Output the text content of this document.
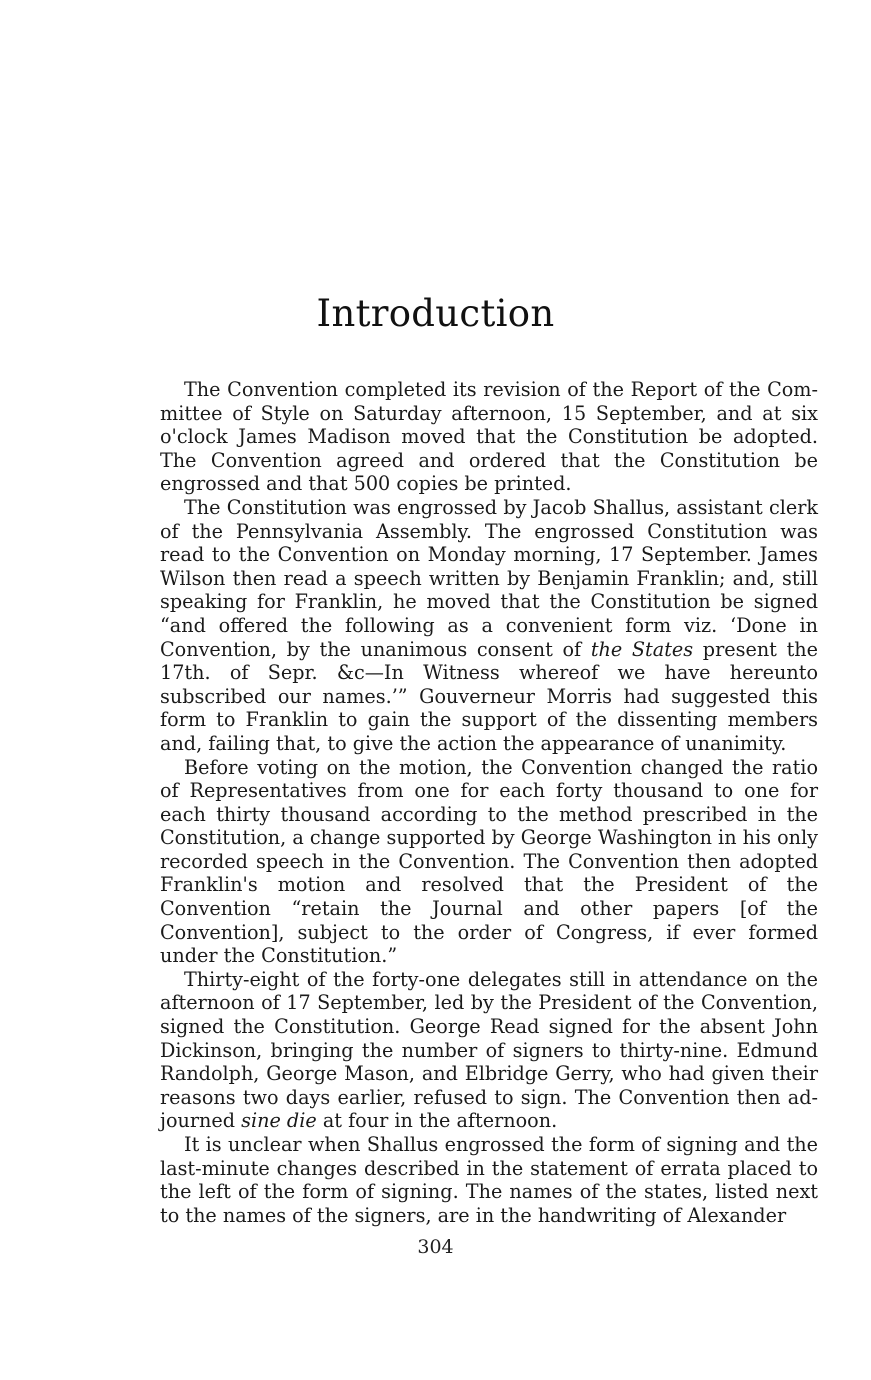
Introduction

The Convention completed its revision of the Report of the Committee of Style on Saturday afternoon, 15 September, and at six o'clock James Madison moved that the Constitution be adopted. The Convention agreed and ordered that the Constitution be engrossed and that 500 copies be printed.

The Constitution was engrossed by Jacob Shallus, assistant clerk of the Pennsylvania Assembly. The engrossed Constitution was read to the Convention on Monday morning, 17 September. James Wilson then read a speech written by Benjamin Franklin; and, still speaking for Franklin, he moved that the Constitution be signed “and offered the following as a convenient form viz. ‘Done in Convention, by the unanimous consent of the States present the 17th. of Sepr. &c—In Witness whereof we have hereunto subscribed our names.’” Gouverneur Morris had suggested this form to Franklin to gain the support of the dissenting members and, failing that, to give the action the appearance of unanimity.

Before voting on the motion, the Convention changed the ratio of Representatives from one for each forty thousand to one for each thirty thousand according to the method prescribed in the Constitution, a change supported by George Washington in his only recorded speech in the Convention. The Convention then adopted Franklin's motion and resolved that the President of the Convention “retain the Journal and other papers [of the Convention], subject to the order of Congress, if ever formed under the Constitution.”

Thirty-eight of the forty-one delegates still in attendance on the afternoon of 17 September, led by the President of the Convention, signed the Constitution. George Read signed for the absent John Dickinson, bringing the number of signers to thirty-nine. Edmund Randolph, George Mason, and Elbridge Gerry, who had given their reasons two days earlier, refused to sign. The Convention then adjourned sine die at four in the afternoon.

It is unclear when Shallus engrossed the form of signing and the last-minute changes described in the statement of errata placed to the left of the form of signing. The names of the states, listed next to the names of the signers, are in the handwriting of Alexander

304
